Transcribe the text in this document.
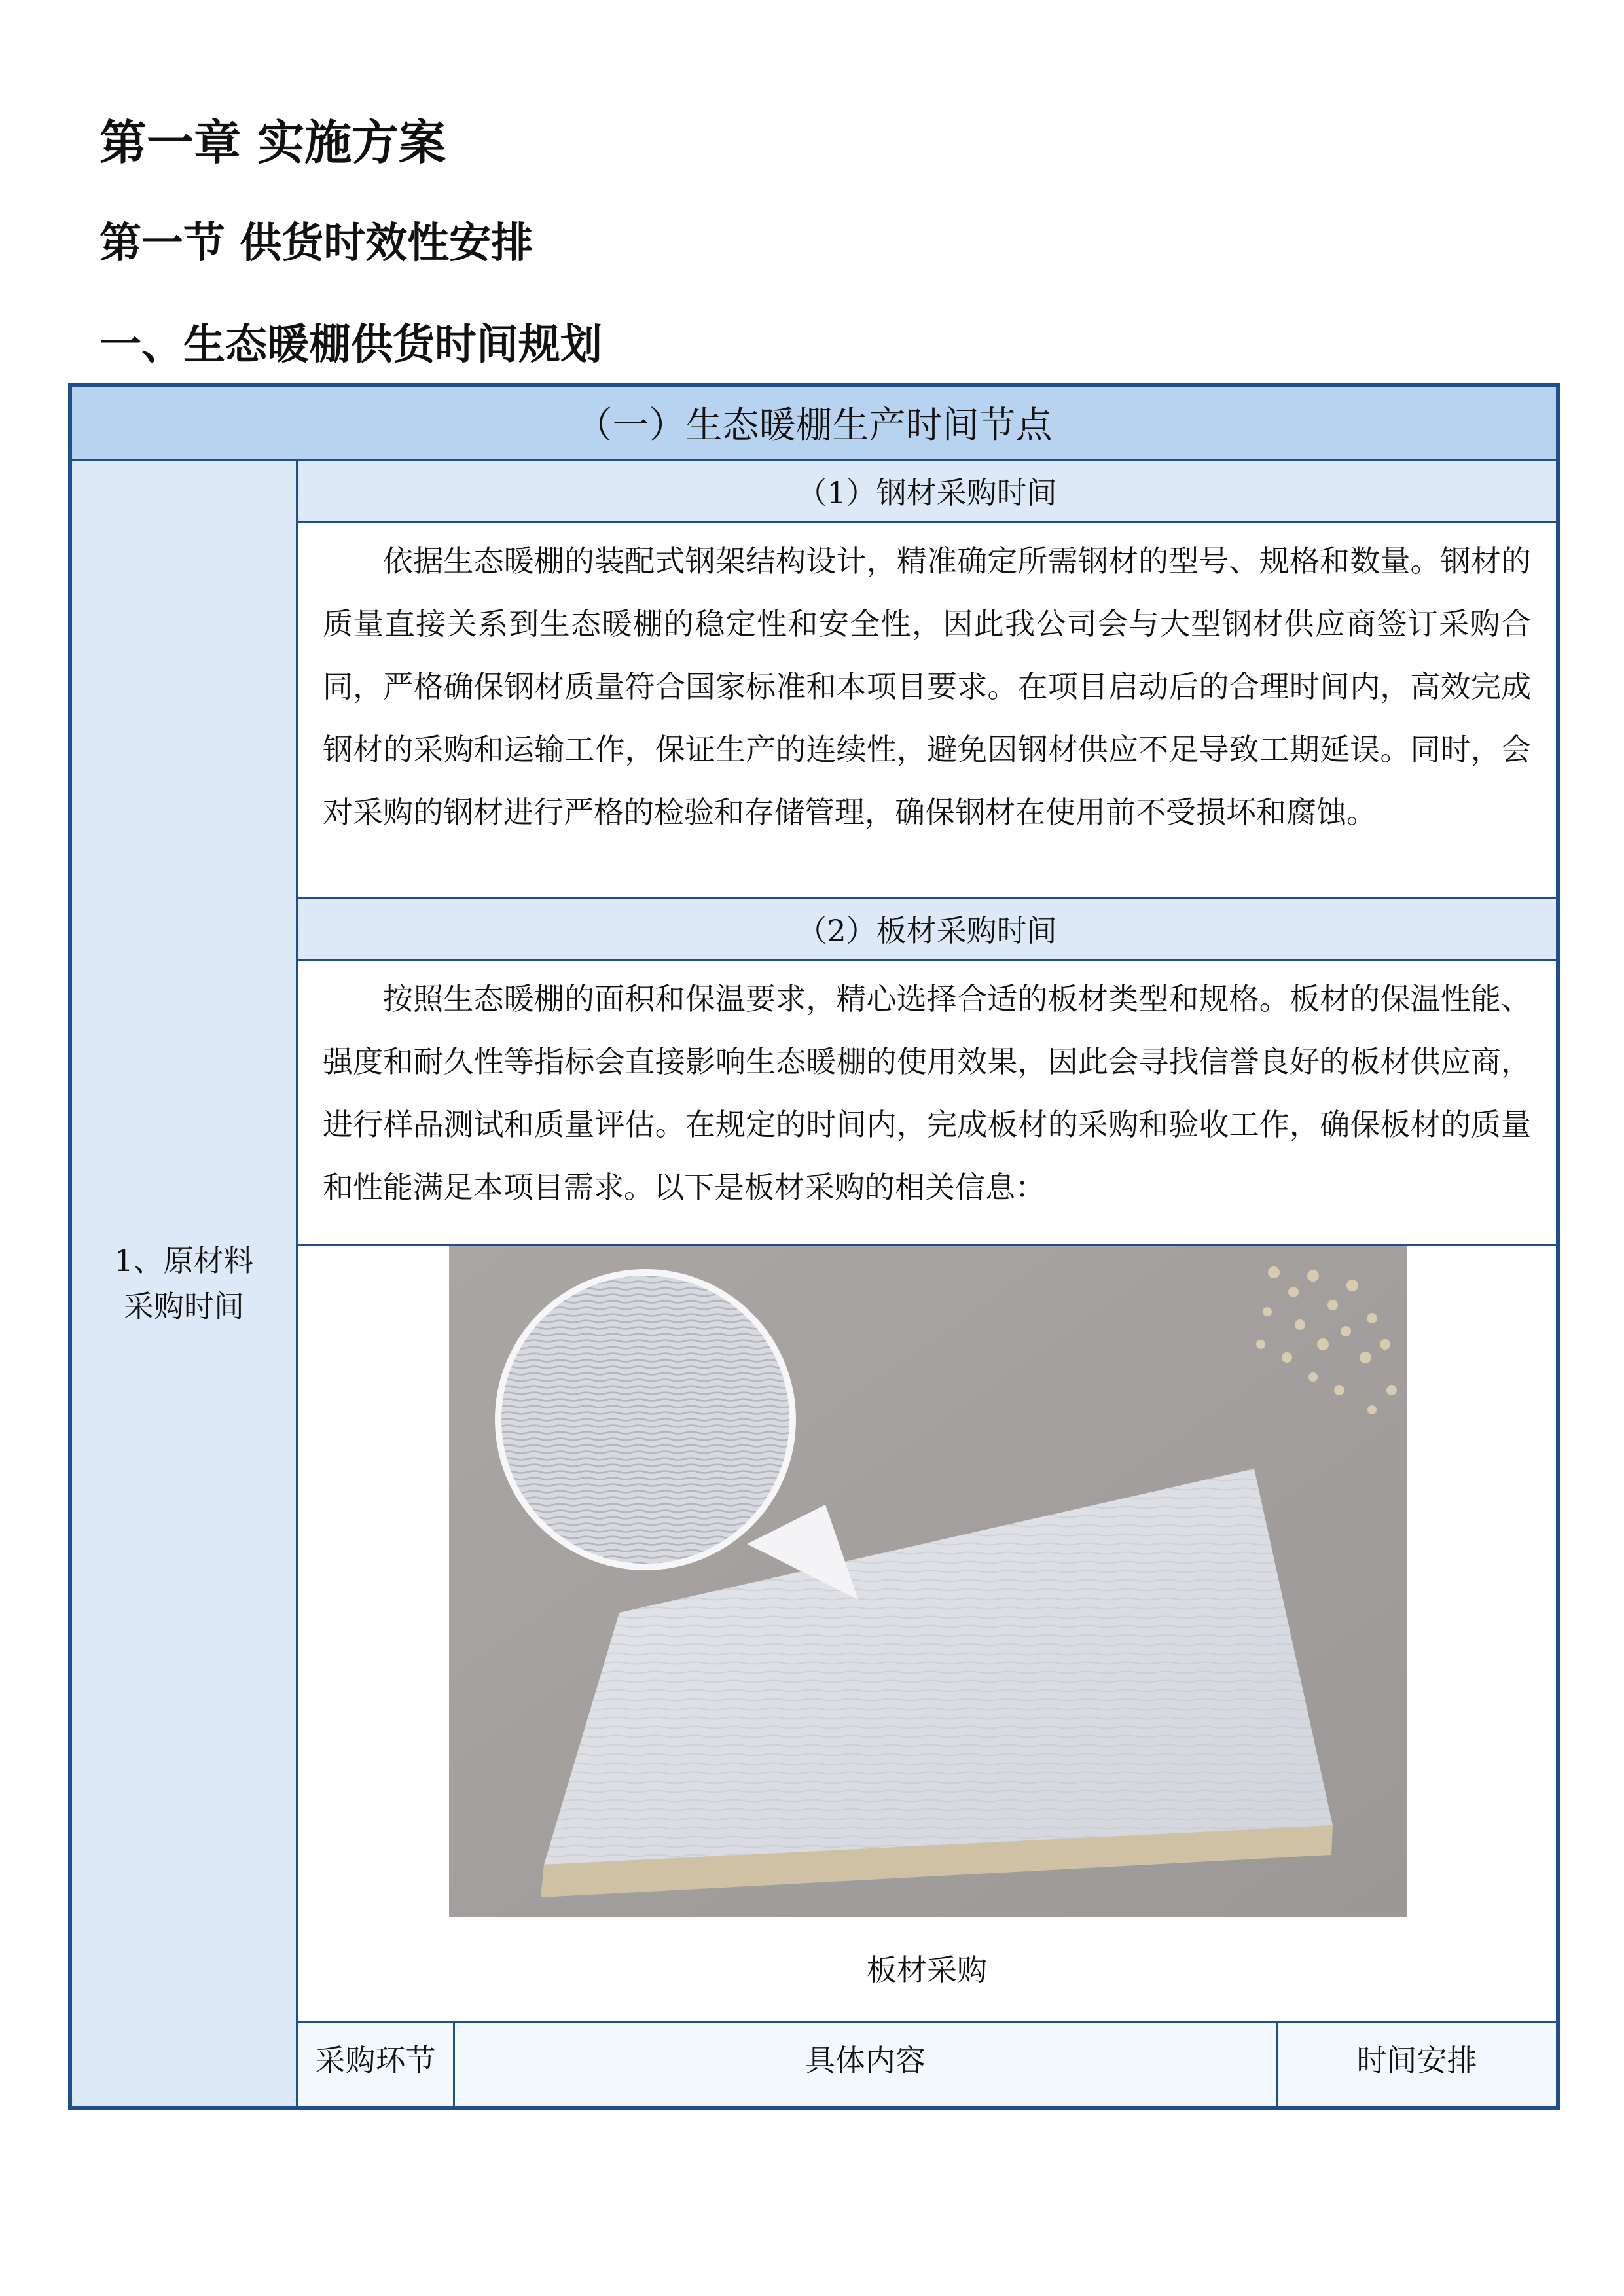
第一章 实施方案
第一节 供货时效性安排
一、生态暖棚供货时间规划
（一）生态暖棚生产时间节点
1、原材料采购时间
（1）钢材采购时间
依据生态暖棚的装配式钢架结构设计，精准确定所需钢材的型号、规格和数量。钢材的质量直接关系到生态暖棚的稳定性和安全性，因此我公司会与大型钢材供应商签订采购合同，严格确保钢材质量符合国家标准和本项目要求。在项目启动后的合理时间内，高效完成钢材的采购和运输工作，保证生产的连续性，避免因钢材供应不足导致工期延误。同时，会对采购的钢材进行严格的检验和存储管理，确保钢材在使用前不受损坏和腐蚀。
（2）板材采购时间
按照生态暖棚的面积和保温要求，精心选择合适的板材类型和规格。板材的保温性能、强度和耐久性等指标会直接影响生态暖棚的使用效果，因此会寻找信誉良好的板材供应商，进行样品测试和质量评估。在规定的时间内，完成板材的采购和验收工作，确保板材的质量和性能满足本项目需求。以下是板材采购的相关信息：
板材采购
采购环节	具体内容	时间安排
